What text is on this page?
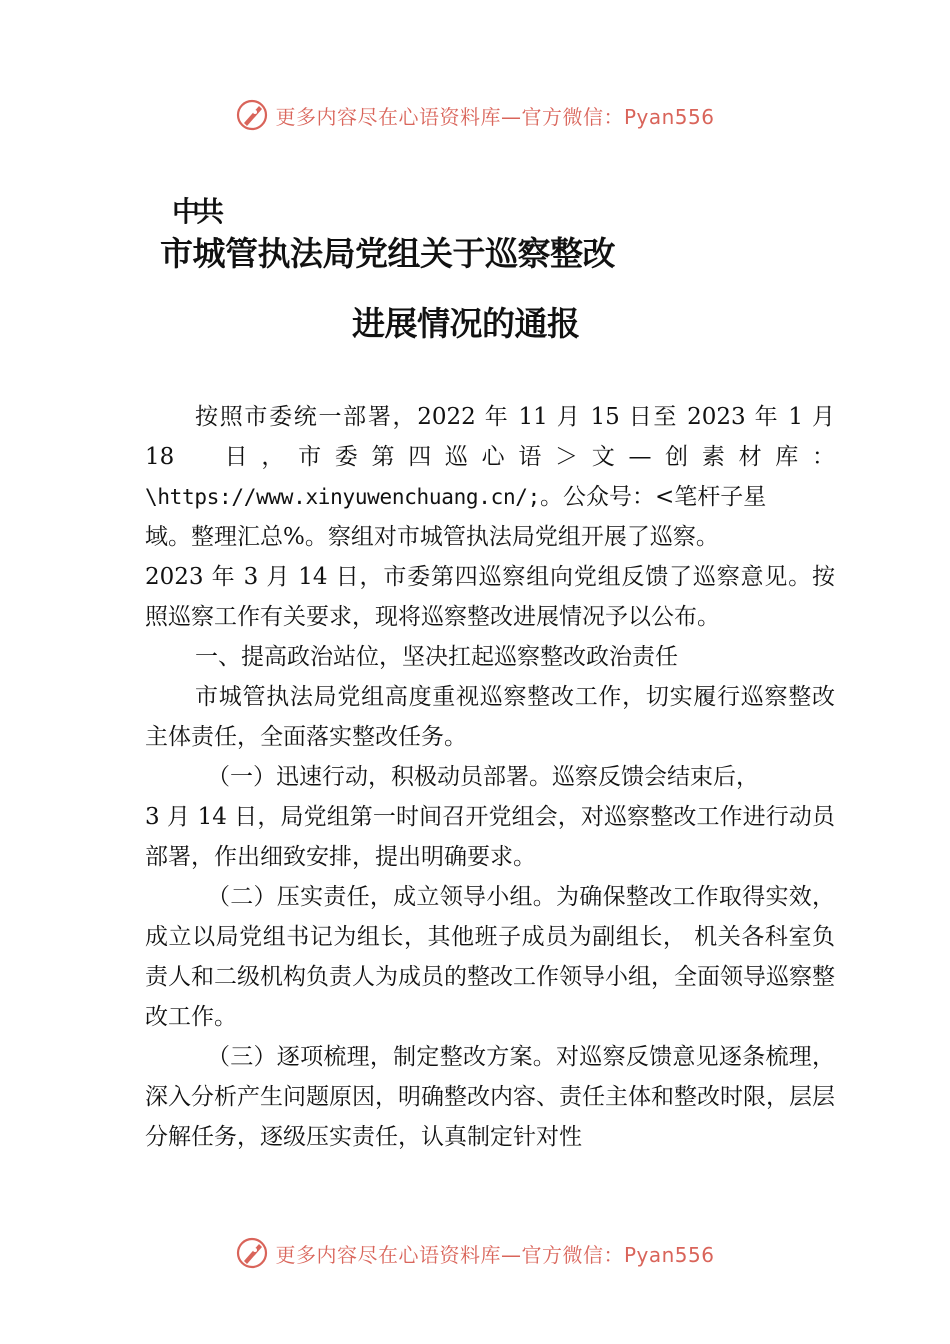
更多内容尽在心语资料库—官方微信：Pyan556
中共
市城管执法局党组关于巡察整改
进展情况的通报

按照市委统一部署，2022 年 11 月 15 日至 2023 年 1 月

18　日，市委第四巡心语＞文—创素材库：

\https://www.xinyuwenchuang.cn/;。公众号：<笔杆子星

域。整理汇总%。察组对市城管执法局党组开展了巡察。

2023 年 3 月 14 日，市委第四巡察组向党组反馈了巡察意见。按照巡察工作有关要求，现将巡察整改进展情况予以公布。

一、提高政治站位，坚决扛起巡察整改政治责任

市城管执法局党组高度重视巡察整改工作，切实履行巡察整改主体责任，全面落实整改任务。

（一）迅速行动，积极动员部署。巡察反馈会结束后，

3 月 14 日，局党组第一时间召开党组会，对巡察整改工作进行动员部署，作出细致安排，提出明确要求。

（二）压实责任，成立领导小组。为确保整改工作取得实效，成立以局党组书记为组长，其他班子成员为副组长， 机关各科室负责人和二级机构负责人为成员的整改工作领导小组，全面领导巡察整改工作。

（三）逐项梳理，制定整改方案。对巡察反馈意见逐条梳理，深入分析产生问题原因，明确整改内容、责任主体和整改时限，层层分解任务，逐级压实责任，认真制定针对性

更多内容尽在心语资料库—官方微信：Pyan556
